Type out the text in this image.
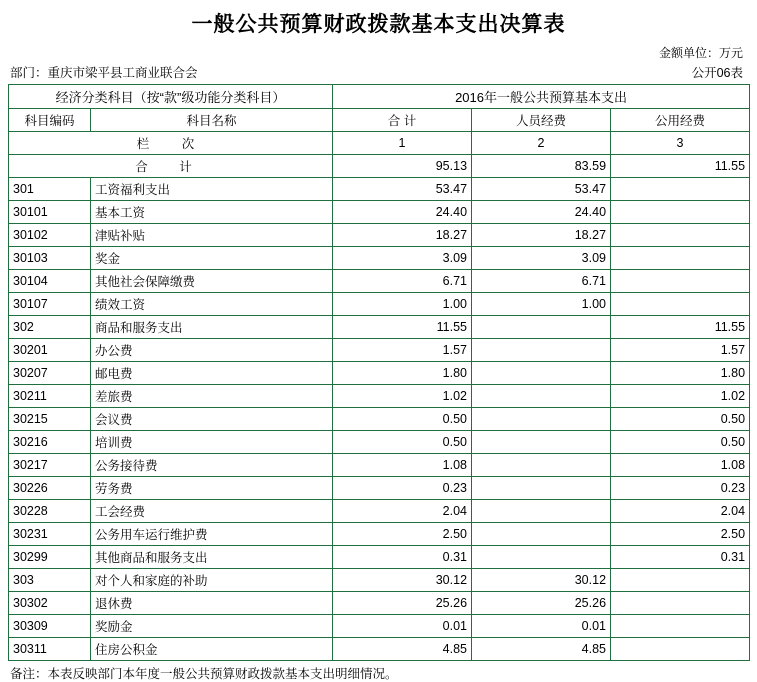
一般公共预算财政拨款基本支出决算表
金额单位：万元
部门：重庆市梁平县工商业联合会	公开06表
经济分类科目（按“款”级功能分类科目）		2016年一般公共预算基本支出		
科目编码	科目名称	合 计	人员经费	公用经费
栏　次		1	2	3
合 计		95.13	83.59	11.55
301	工资福利支出	53.47	53.47	
30101	基本工资	24.40	24.40	
30102	津贴补贴	18.27	18.27	
30103	奖金	3.09	3.09	
30104	其他社会保障缴费	6.71	6.71	
30107	绩效工资	1.00	1.00	
302	商品和服务支出	11.55		11.55
30201	办公费	1.57		1.57
30207	邮电费	1.80		1.80
30211	差旅费	1.02		1.02
30215	会议费	0.50		0.50
30216	培训费	0.50		0.50
30217	公务接待费	1.08		1.08
30226	劳务费	0.23		0.23
30228	工会经费	2.04		2.04
30231	公务用车运行维护费	2.50		2.50
30299	其他商品和服务支出	0.31		0.31
303	对个人和家庭的补助	30.12	30.12	
30302	退休费	25.26	25.26	
30309	奖励金	0.01	0.01	
30311	住房公积金	4.85	4.85	
备注：本表反映部门本年度一般公共预算财政拨款基本支出明细情况。
